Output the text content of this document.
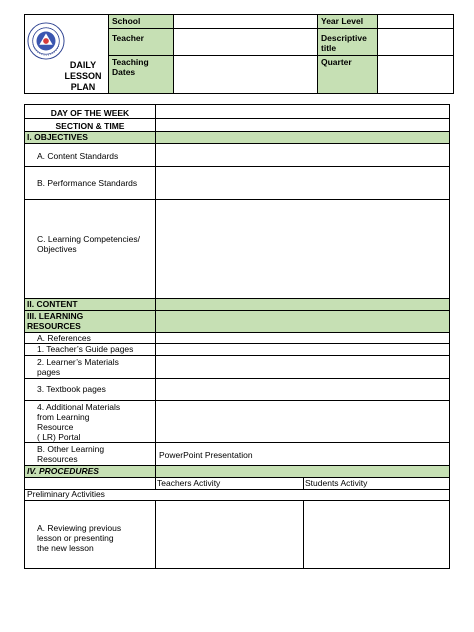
DAILY
LESSON
PLAN
School
Teacher
Teaching
Dates
Year Level
Descriptive
title
Quarter
DAY OF THE WEEK
SECTION & TIME
I. OBJECTIVES
A. Content Standards
B. Performance Standards
C. Learning Competencies/
Objectives
II. CONTENT
III. LEARNING
RESOURCES
A. References
1. Teacher’s Guide pages
2. Learner’s Materials
pages
3. Textbook pages
4. Additional Materials
from Learning
Resource
( LR) Portal
B. Other Learning
Resources	PowerPoint Presentation
IV. PROCEDURES
Teachers Activity	Students Activity
Preliminary Activities
A. Reviewing previous
lesson or presenting
the new lesson
